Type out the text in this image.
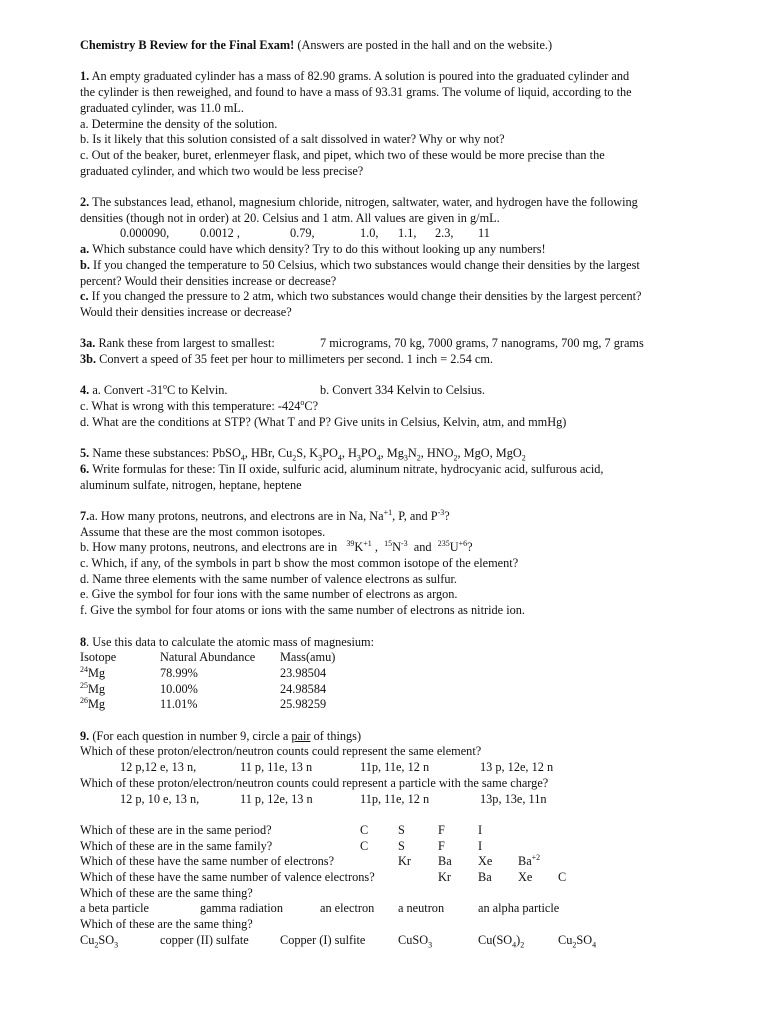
Chemistry B Review for the Final Exam! (Answers are posted in the hall and on the website.)

1. An empty graduated cylinder has a mass of 82.90 grams. A solution is poured into the graduated cylinder and
the cylinder is then reweighed, and found to have a mass of 93.31 grams. The volume of liquid, according to the
graduated cylinder, was 11.0 mL.

a. Determine the density of the solution.

b. Is it likely that this solution consisted of a salt dissolved in water? Why or why not?

c. Out of the beaker, buret, erlenmeyer flask, and pipet, which two of these would be more precise than the
graduated cylinder, and which two would be less precise?

2. The substances lead, ethanol, magnesium chloride, nitrogen, saltwater, water, and hydrogen have the following
densities (though not in order) at 20. Celsius and 1 atm. All values are given in g/mL.

0.000090,	0.0012 ,	0.79,	1.0, 1.1, 2.3, 11

a. Which substance could have which density? Try to do this without looking up any numbers!

b. If you changed the temperature to 50 Celsius, which two substances would change their densities by the largest
percent? Would their densities increase or decrease?

c. If you changed the pressure to 2 atm, which two substances would change their densities by the largest percent?
Would their densities increase or decrease?

3a. Rank these from largest to smallest:	7 micrograms, 70 kg, 7000 grams, 7 nanograms, 700 mg, 7 grams

3b. Convert a speed of 35 feet per hour to millimeters per second. 1 inch = 2.54 cm.

4. a. Convert -31$^o$C to Kelvin.	b. Convert 334 Kelvin to Celsius.

c. What is wrong with this temperature: -424$^o$C?

d. What are the conditions at STP? (What T and P? Give units in Celsius, Kelvin, atm, and mmHg)

5. Name these substances: PbSO$_4$, HBr, $Cu_2S$, $K_3PO_4$, $H_3PO_4$, $Mg_3N_2$, $HNO_2$, MgO, MgO$_2$

6. Write formulas for these: Tin II oxide, sulfuric acid, aluminum nitrate, hydrocyanic acid, sulfurous acid,
aluminum sulfate, nitrogen, heptane, heptene

7.a. How many protons, neutrons, and electrons are in Na, $Na^{+1}$, P, and $P^{-3}$?

Assume that these are the most common isotopes.

b. How many protons, neutrons, and electrons are in $^{39}K^{+1}$ ,  $^{15}N^{-3}$  and  $^{235}U^{+6}$?

c. Which, if any, of the symbols in part b show the most common isotope of the element?

d. Name three elements with the same number of valence electrons as sulfur.

e. Give the symbol for four ions with the same number of electrons as argon.

f. Give the symbol for four atoms or ions with the same number of electrons as nitride ion.

8. Use this data to calculate the atomic mass of magnesium:

Isotope	Natural Abundance Mass(amu)
$^{24}$Mg	78.99%	23.98504
$^{25}$Mg	10.00%	24.98584
$^{26}$Mg	11.01%	25.98259

9. (For each question in number 9, circle a pair of things)

Which of these proton/electron/neutron counts could represent the same element?

12 p,12 e, 13 n,	11 p, 11e, 13 n	11p, 11e, 12 n	13 p, 12e, 12 n

Which of these proton/electron/neutron counts could represent a particle with the same charge?

12 p, 10 e, 13 n,	11 p, 12e, 13 n	11p, 11e, 12 n	13p, 13e, 11n
Which of these are in the same period?	C S	F	I
Which of these are in the same family?	C S	F	I
Which of these have the same number of electrons?	Kr Ba Xe $Ba^{+2}$
Which of these have the same number of valence electrons?	Kr Ba Xe C

Which of these are the same thing?

a beta particle	gamma radiation	an electron a neutron	an alpha particle

Which of these are the same thing?

$Cu_2SO_3$	copper (II) sulfate	Copper (I) sulfite	CuSO$_3$	$Cu(SO_4)_2$	$Cu_2SO_4$
